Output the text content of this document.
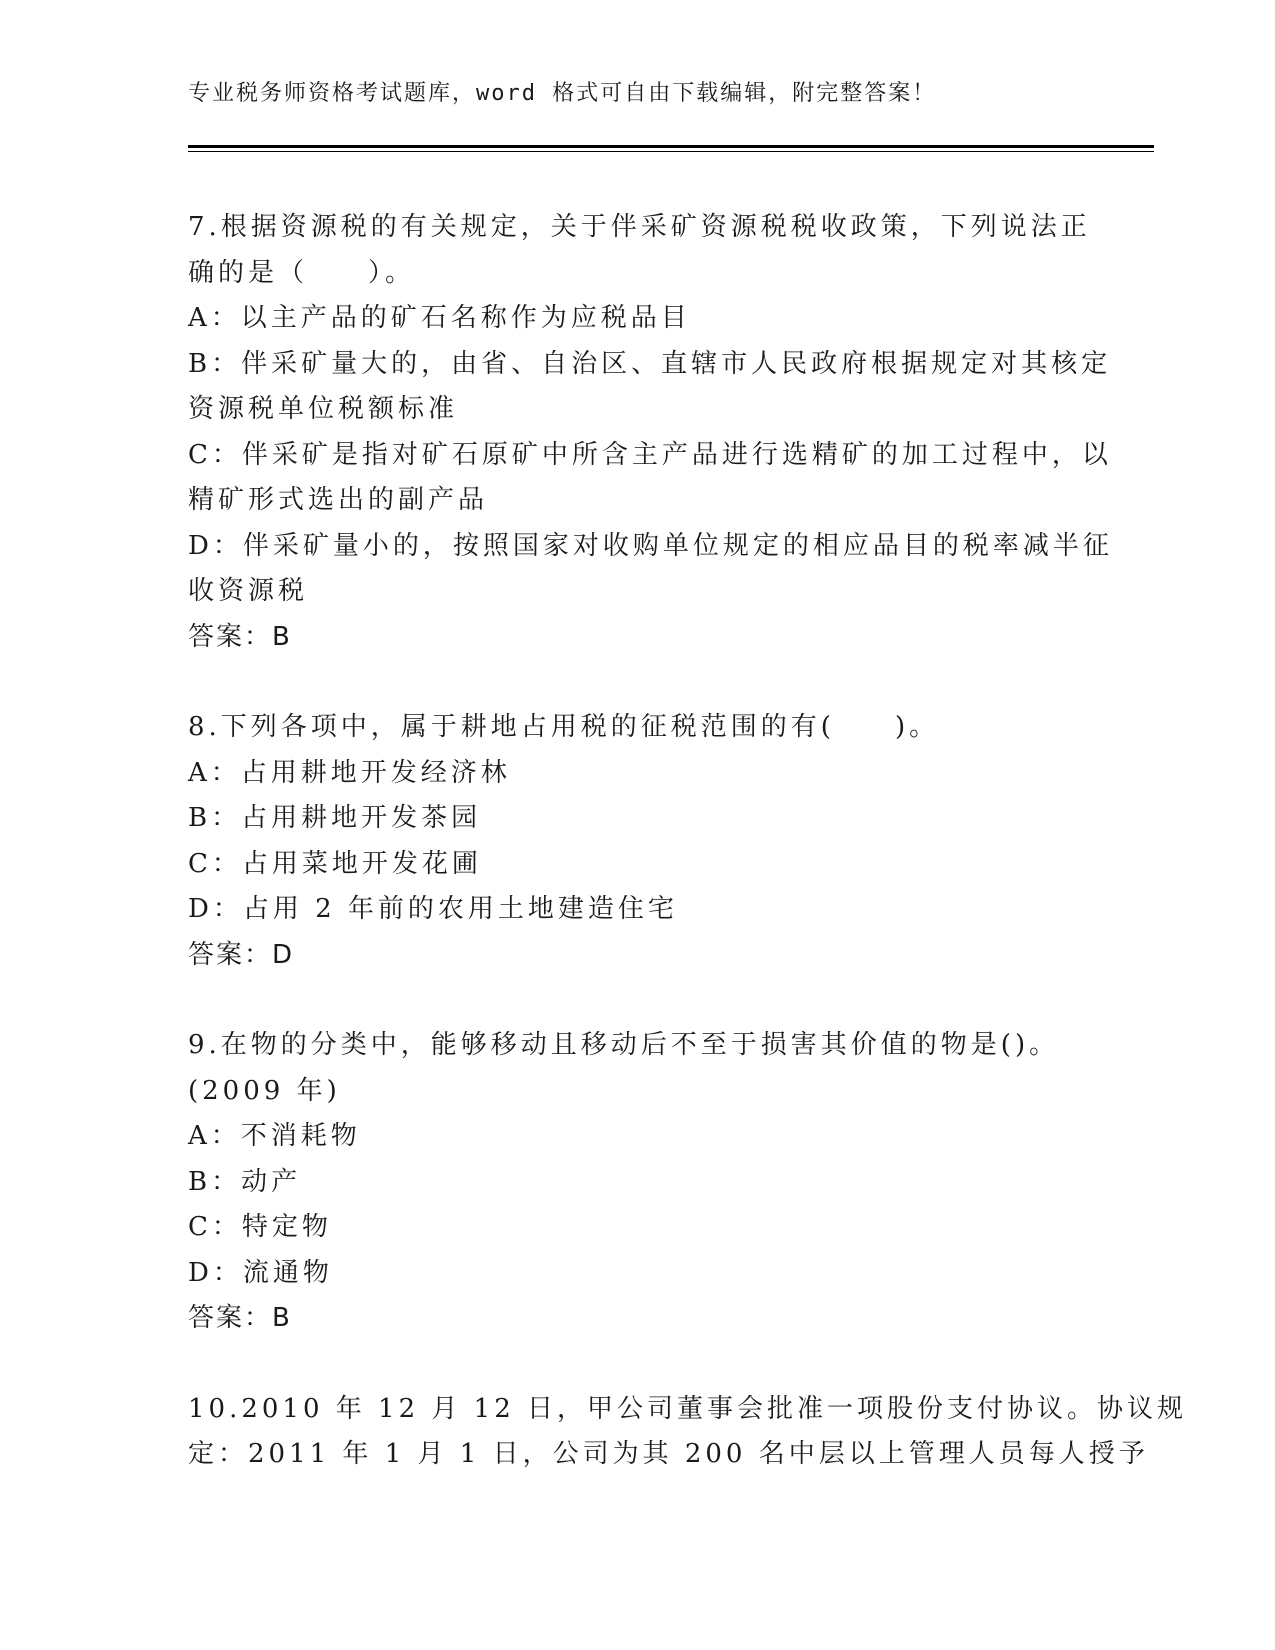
专业税务师资格考试题库，word 格式可自由下载编辑，附完整答案！
7.根据资源税的有关规定，关于伴采矿资源税税收政策，下列说法正
确的是（　　）。
A：以主产品的矿石名称作为应税品目
B：伴采矿量大的，由省、自治区、直辖市人民政府根据规定对其核定
资源税单位税额标准
C：伴采矿是指对矿石原矿中所含主产品进行选精矿的加工过程中，以
精矿形式选出的副产品
D：伴采矿量小的，按照国家对收购单位规定的相应品目的税率减半征
收资源税
答案：B
8.下列各项中，属于耕地占用税的征税范围的有(　　)。
A：占用耕地开发经济林
B：占用耕地开发茶园
C：占用菜地开发花圃
D：占用 2 年前的农用土地建造住宅
答案：D
9.在物的分类中，能够移动且移动后不至于损害其价值的物是()。
(2009 年)
A：不消耗物
B：动产
C：特定物
D：流通物
答案：B
10.2010 年 12 月 12 日，甲公司董事会批准一项股份支付协议。协议规
定：2011 年 1 月 1 日，公司为其 200 名中层以上管理人员每人授予
